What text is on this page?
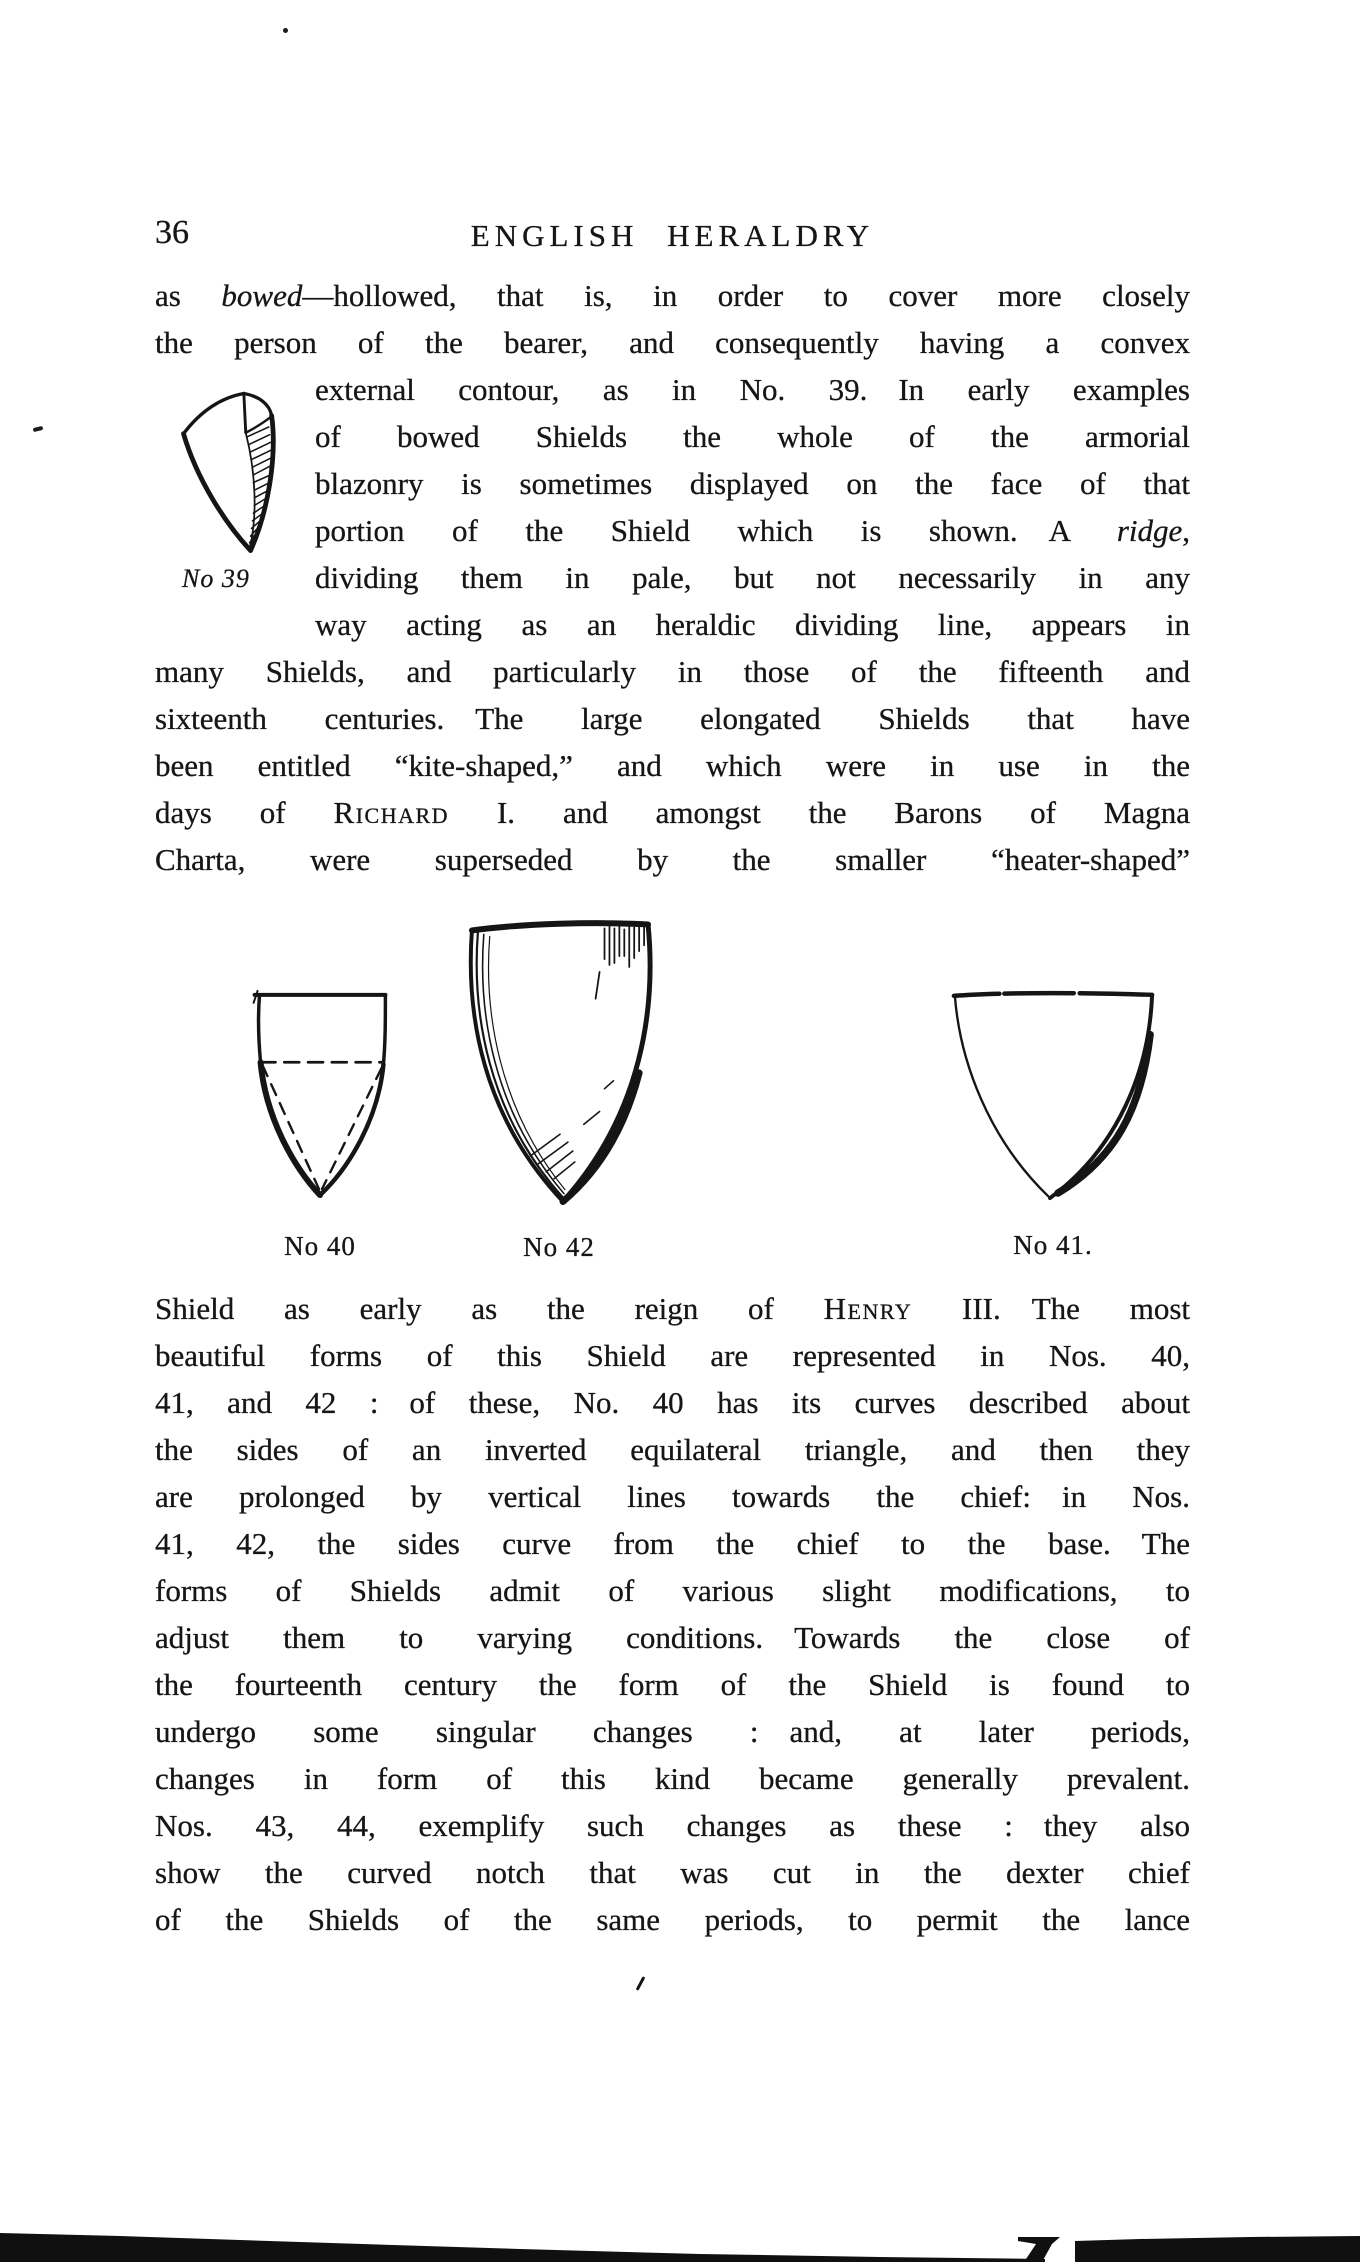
36	ENGLISH HERALDRY
as bowed—hollowed, that is, in order to cover more closely
the person of the bearer, and consequently having a convex
external contour, as in No. 39.  In early examples
of bowed Shields the whole of the armorial
blazonry is sometimes displayed on the face of that
portion of the Shield which is shown.  A ridge,
dividing them in pale, but not necessarily in any
way acting as an heraldic dividing line, appears in
many Shields, and particularly in those of the fifteenth and
sixteenth centuries.  The large elongated Shields that have
been entitled “kite-shaped,” and which were in use in the
days of Richard I. and amongst the Barons of Magna
Charta, were superseded by the smaller “heater-shaped”
No 39
No 40	No 42	No 41.
Shield as early as the reign of Henry III.  The most
beautiful forms of this Shield are represented in Nos. 40,
41, and 42 :  of these, No. 40 has its curves described about
the sides of an inverted equilateral triangle, and then they
are prolonged by vertical lines towards the chief:  in Nos.
41, 42, the sides curve from the chief to the base.  The
forms of Shields admit of various slight modifications, to
adjust them to varying conditions.  Towards the close of
the fourteenth century the form of the Shield is found to
undergo some singular changes :  and, at later periods,
changes in form of this kind became generally prevalent.
Nos. 43, 44, exemplify such changes as these :  they also
show the curved notch that was cut in the dexter chief
of the Shields of the same periods, to permit the lance
